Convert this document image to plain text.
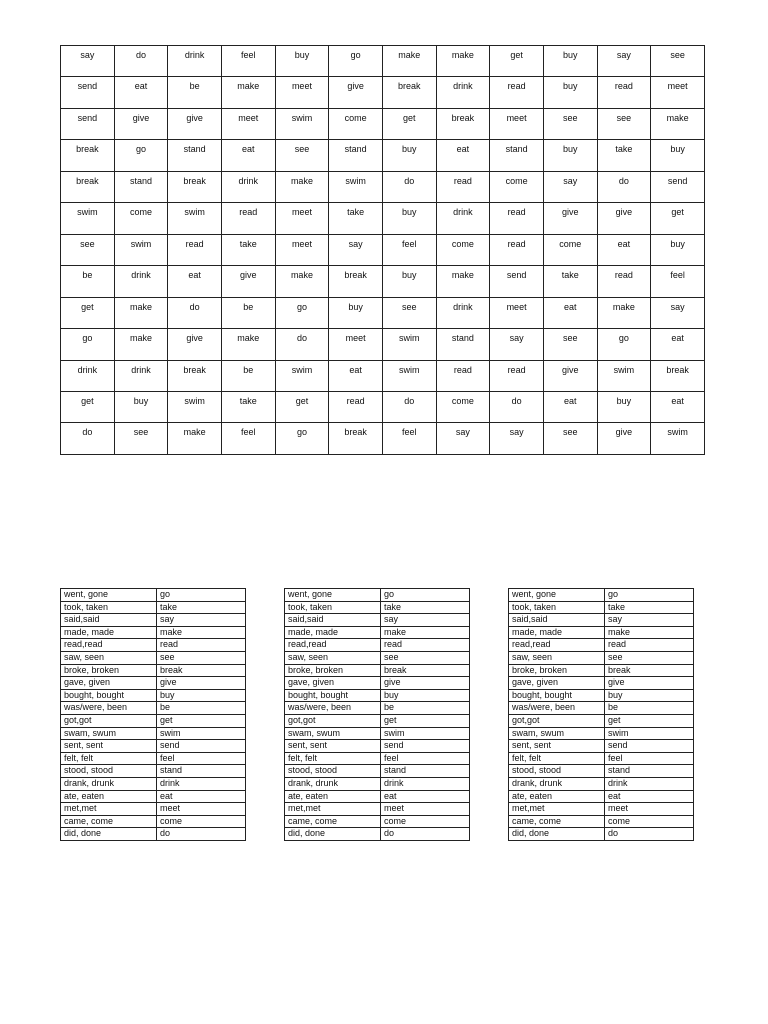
say	do	drink	feel	buy	go	make	make	get	buy	say	see
send	eat	be	make	meet	give	break	drink	read	buy	read	meet
send	give	give	meet	swim	come	get	break	meet	see	see	make
break	go	stand	eat	see	stand	buy	eat	stand	buy	take	buy
break	stand	break	drink	make	swim	do	read	come	say	do	send
swim	come	swim	read	meet	take	buy	drink	read	give	give	get
see	swim	read	take	meet	say	feel	come	read	come	eat	buy
be	drink	eat	give	make	break	buy	make	send	take	read	feel
get	make	do	be	go	buy	see	drink	meet	eat	make	say
go	make	give	make	do	meet	swim	stand	say	see	go	eat
drink	drink	break	be	swim	eat	swim	read	read	give	swim	break
get	buy	swim	take	get	read	do	come	do	eat	buy	eat
do	see	make	feel	go	break	feel	say	say	see	give	swim
went, gone	go
took, taken	take
said,said	say
made, made	make
read,read	read
saw, seen	see
broke, broken	break
gave, given	give
bought, bought	buy
was/were, been	be
got,got	get
swam, swum	swim
sent, sent	send
felt, felt	feel
stood, stood	stand
drank, drunk	drink
ate, eaten	eat
met,met	meet
came, come	come
did, done	do
went, gone	go
took, taken	take
said,said	say
made, made	make
read,read	read
saw, seen	see
broke, broken	break
gave, given	give
bought, bought	buy
was/were, been	be
got,got	get
swam, swum	swim
sent, sent	send
felt, felt	feel
stood, stood	stand
drank, drunk	drink
ate, eaten	eat
met,met	meet
came, come	come
did, done	do
went, gone	go
took, taken	take
said,said	say
made, made	make
read,read	read
saw, seen	see
broke, broken	break
gave, given	give
bought, bought	buy
was/were, been	be
got,got	get
swam, swum	swim
sent, sent	send
felt, felt	feel
stood, stood	stand
drank, drunk	drink
ate, eaten	eat
met,met	meet
came, come	come
did, done	do
